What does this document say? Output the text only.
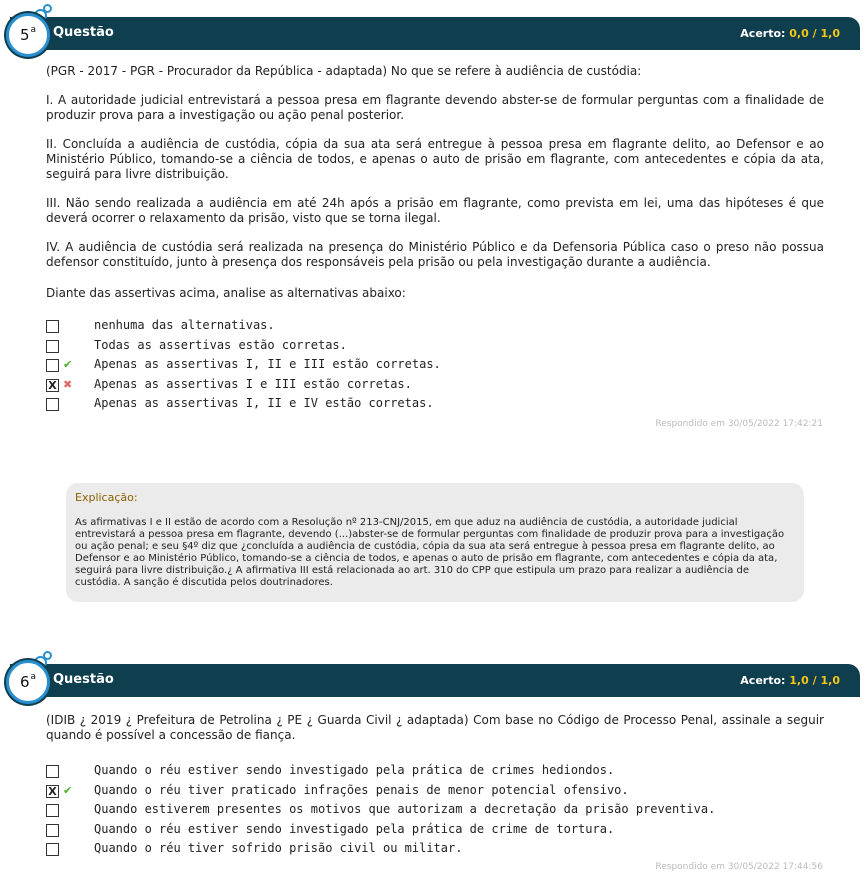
Questão	Acerto: 0,0 / 1,0
5$^a$
(PGR - 2017 - PGR - Procurador da República - adaptada) No que se refere à audiência de custódia:
I. A autoridade judicial entrevistará a pessoa presa em flagrante devendo abster-se de formular perguntas com a finalidade de produzir prova para a investigação ou ação penal posterior.
II. Concluída a audiência de custódia, cópia da sua ata será entregue à pessoa presa em flagrante delito, ao Defensor e ao Ministério Público, tomando-se a ciência de todos, e apenas o auto de prisão em flagrante, com antecedentes e cópia da ata, seguirá para livre distribuição.
III. Não sendo realizada a audiência em até 24h após a prisão em flagrante, como prevista em lei, uma das hipóteses é que deverá ocorrer o relaxamento da prisão, visto que se torna ilegal.
IV. A audiência de custódia será realizada na presença do Ministério Público e da Defensoria Pública caso o preso não possua defensor constituído, junto à presença dos responsáveis pela prisão ou pela investigação durante a audiência.
Diante das assertivas acima, analise as alternativas abaixo:
nenhuma das alternativas.
Todas as assertivas estão corretas.
✔ Apenas as assertivas I, II e III estão corretas.
X ✖ Apenas as assertivas I e III estão corretas.
Apenas as assertivas I, II e IV estão corretas.
Respondido em 30/05/2022 17:42:21
Explicação:
As afirmativas I e II estão de acordo com a Resolução nº 213-CNJ/2015, em que aduz na audiência de custódia, a autoridade judicial entrevistará a pessoa presa em flagrante, devendo (...)abster-se de formular perguntas com finalidade de produzir prova para a investigação ou ação penal; e seu §4º diz que ¿concluída a audiência de custódia, cópia da sua ata será entregue à pessoa presa em flagrante delito, ao Defensor e ao Ministério Público, tomando-se a ciência de todos, e apenas o auto de prisão em flagrante, com antecedentes e cópia da ata, seguirá para livre distribuição.¿ A afirmativa III está relacionada ao art. 310 do CPP que estipula um prazo para realizar a audiência de custódia. A sanção é discutida pelos doutrinadores.
Questão	Acerto: 1,0 / 1,0
6$^a$
(IDIB ¿ 2019 ¿ Prefeitura de Petrolina ¿ PE ¿ Guarda Civil ¿ adaptada) Com base no Código de Processo Penal, assinale a seguir quando é possível a concessão de fiança.
Quando o réu estiver sendo investigado pela prática de crimes hediondos.
X ✔ Quando o réu tiver praticado infrações penais de menor potencial ofensivo.
Quando estiverem presentes os motivos que autorizam a decretação da prisão preventiva.
Quando o réu estiver sendo investigado pela prática de crime de tortura.
Quando o réu tiver sofrido prisão civil ou militar.
Respondido em 30/05/2022 17:44:56
